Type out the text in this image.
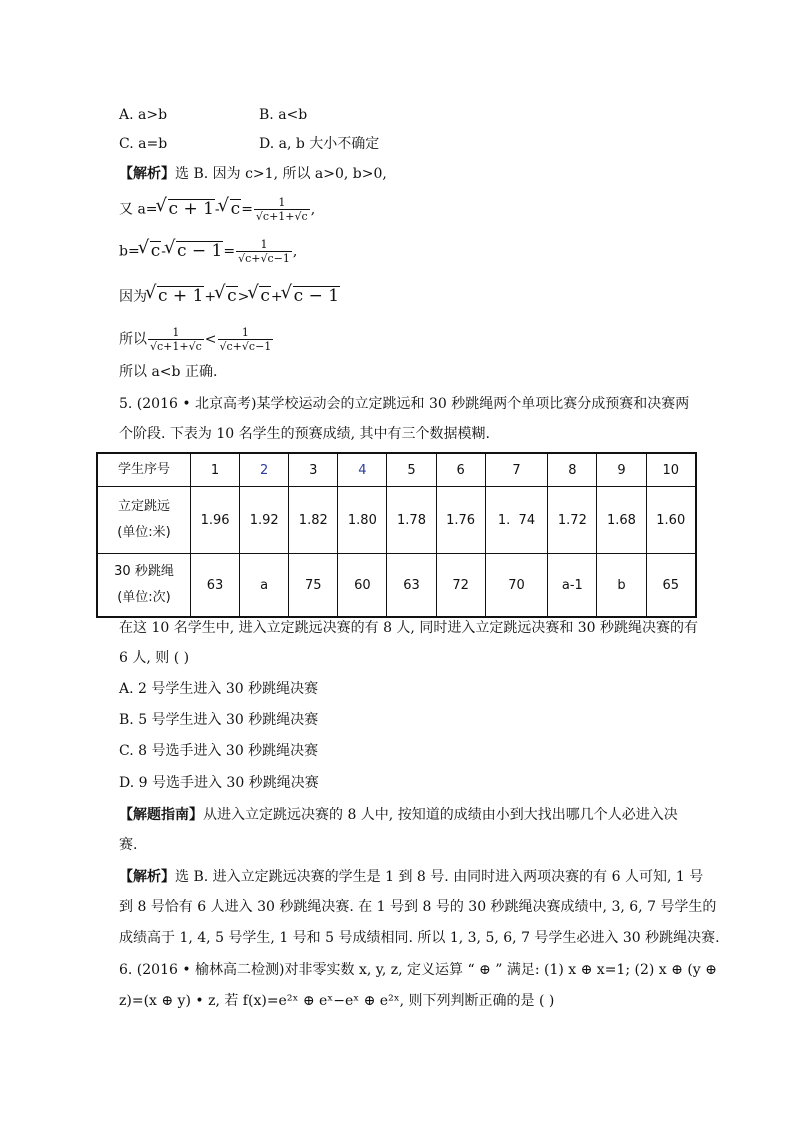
A. a>b	B. a<b
C. a=b	D. a, b 大小不确定
【解析】选 B. 因为 c>1, 所以 a>0, b>0,
又 a= √ c + 1- √ $c= \frac{1}{√c+1+√c}$ ,
b= √ c- √ $c - 1= \frac{1}{√c+√c-1}$ ,
因为 √ c + 1+ √ c> √ c+ √ c − 1
所以 $\frac{1}{√c+1+√c} < \frac{1}{√c+√c-1}$
所以 a<b 正确.
5. (2016 • 北京高考)某学校运动会的立定跳远和 30 秒跳绳两个单项比赛分成预赛和决赛两
个阶段. 下表为 10 名学生的预赛成绩, 其中有三个数据模糊.
学生序号	1	2	3	4	5	6	7	8	9	10

立定跳远
(单位:米)	1.96	1.92	1.82	1.80	1.78	1.76	1.  74	1.72	1.68	1.60

30 秒跳绳
(单位:次)	63	a	75	60	63	72	70	a-1	b	65
在这 10 名学生中, 进入立定跳远决赛的有 8 人, 同时进入立定跳远决赛和 30 秒跳绳决赛的有
6 人, 则 ( )
A. 2 号学生进入 30 秒跳绳决赛
B. 5 号学生进入 30 秒跳绳决赛
C. 8 号选手进入 30 秒跳绳决赛
D. 9 号选手进入 30 秒跳绳决赛
【解题指南】从进入立定跳远决赛的 8 人中, 按知道的成绩由小到大找出哪几个人必进入决
赛.
【解析】选 B. 进入立定跳远决赛的学生是 1 到 8 号. 由同时进入两项决赛的有 6 人可知, 1 号
到 8 号恰有 6 人进入 30 秒跳绳决赛. 在 1 号到 8 号的 30 秒跳绳决赛成绩中, 3, 6, 7 号学生的
成绩高于 1, 4, 5 号学生, 1 号和 5 号成绩相同. 所以 1, 3, 5, 6, 7 号学生必进入 30 秒跳绳决赛.
6. (2016 • 榆林高二检测)对非零实数 x, y, z, 定义运算 “ ⊕ ” 满足: (1) x ⊕ x=1; (2) x ⊕ (y ⊕
z)=(x ⊕ y) • z, 若 f(x)=e²ˣ ⊕ eˣ−eˣ ⊕ e²ˣ, 则下列判断正确的是 ( )
